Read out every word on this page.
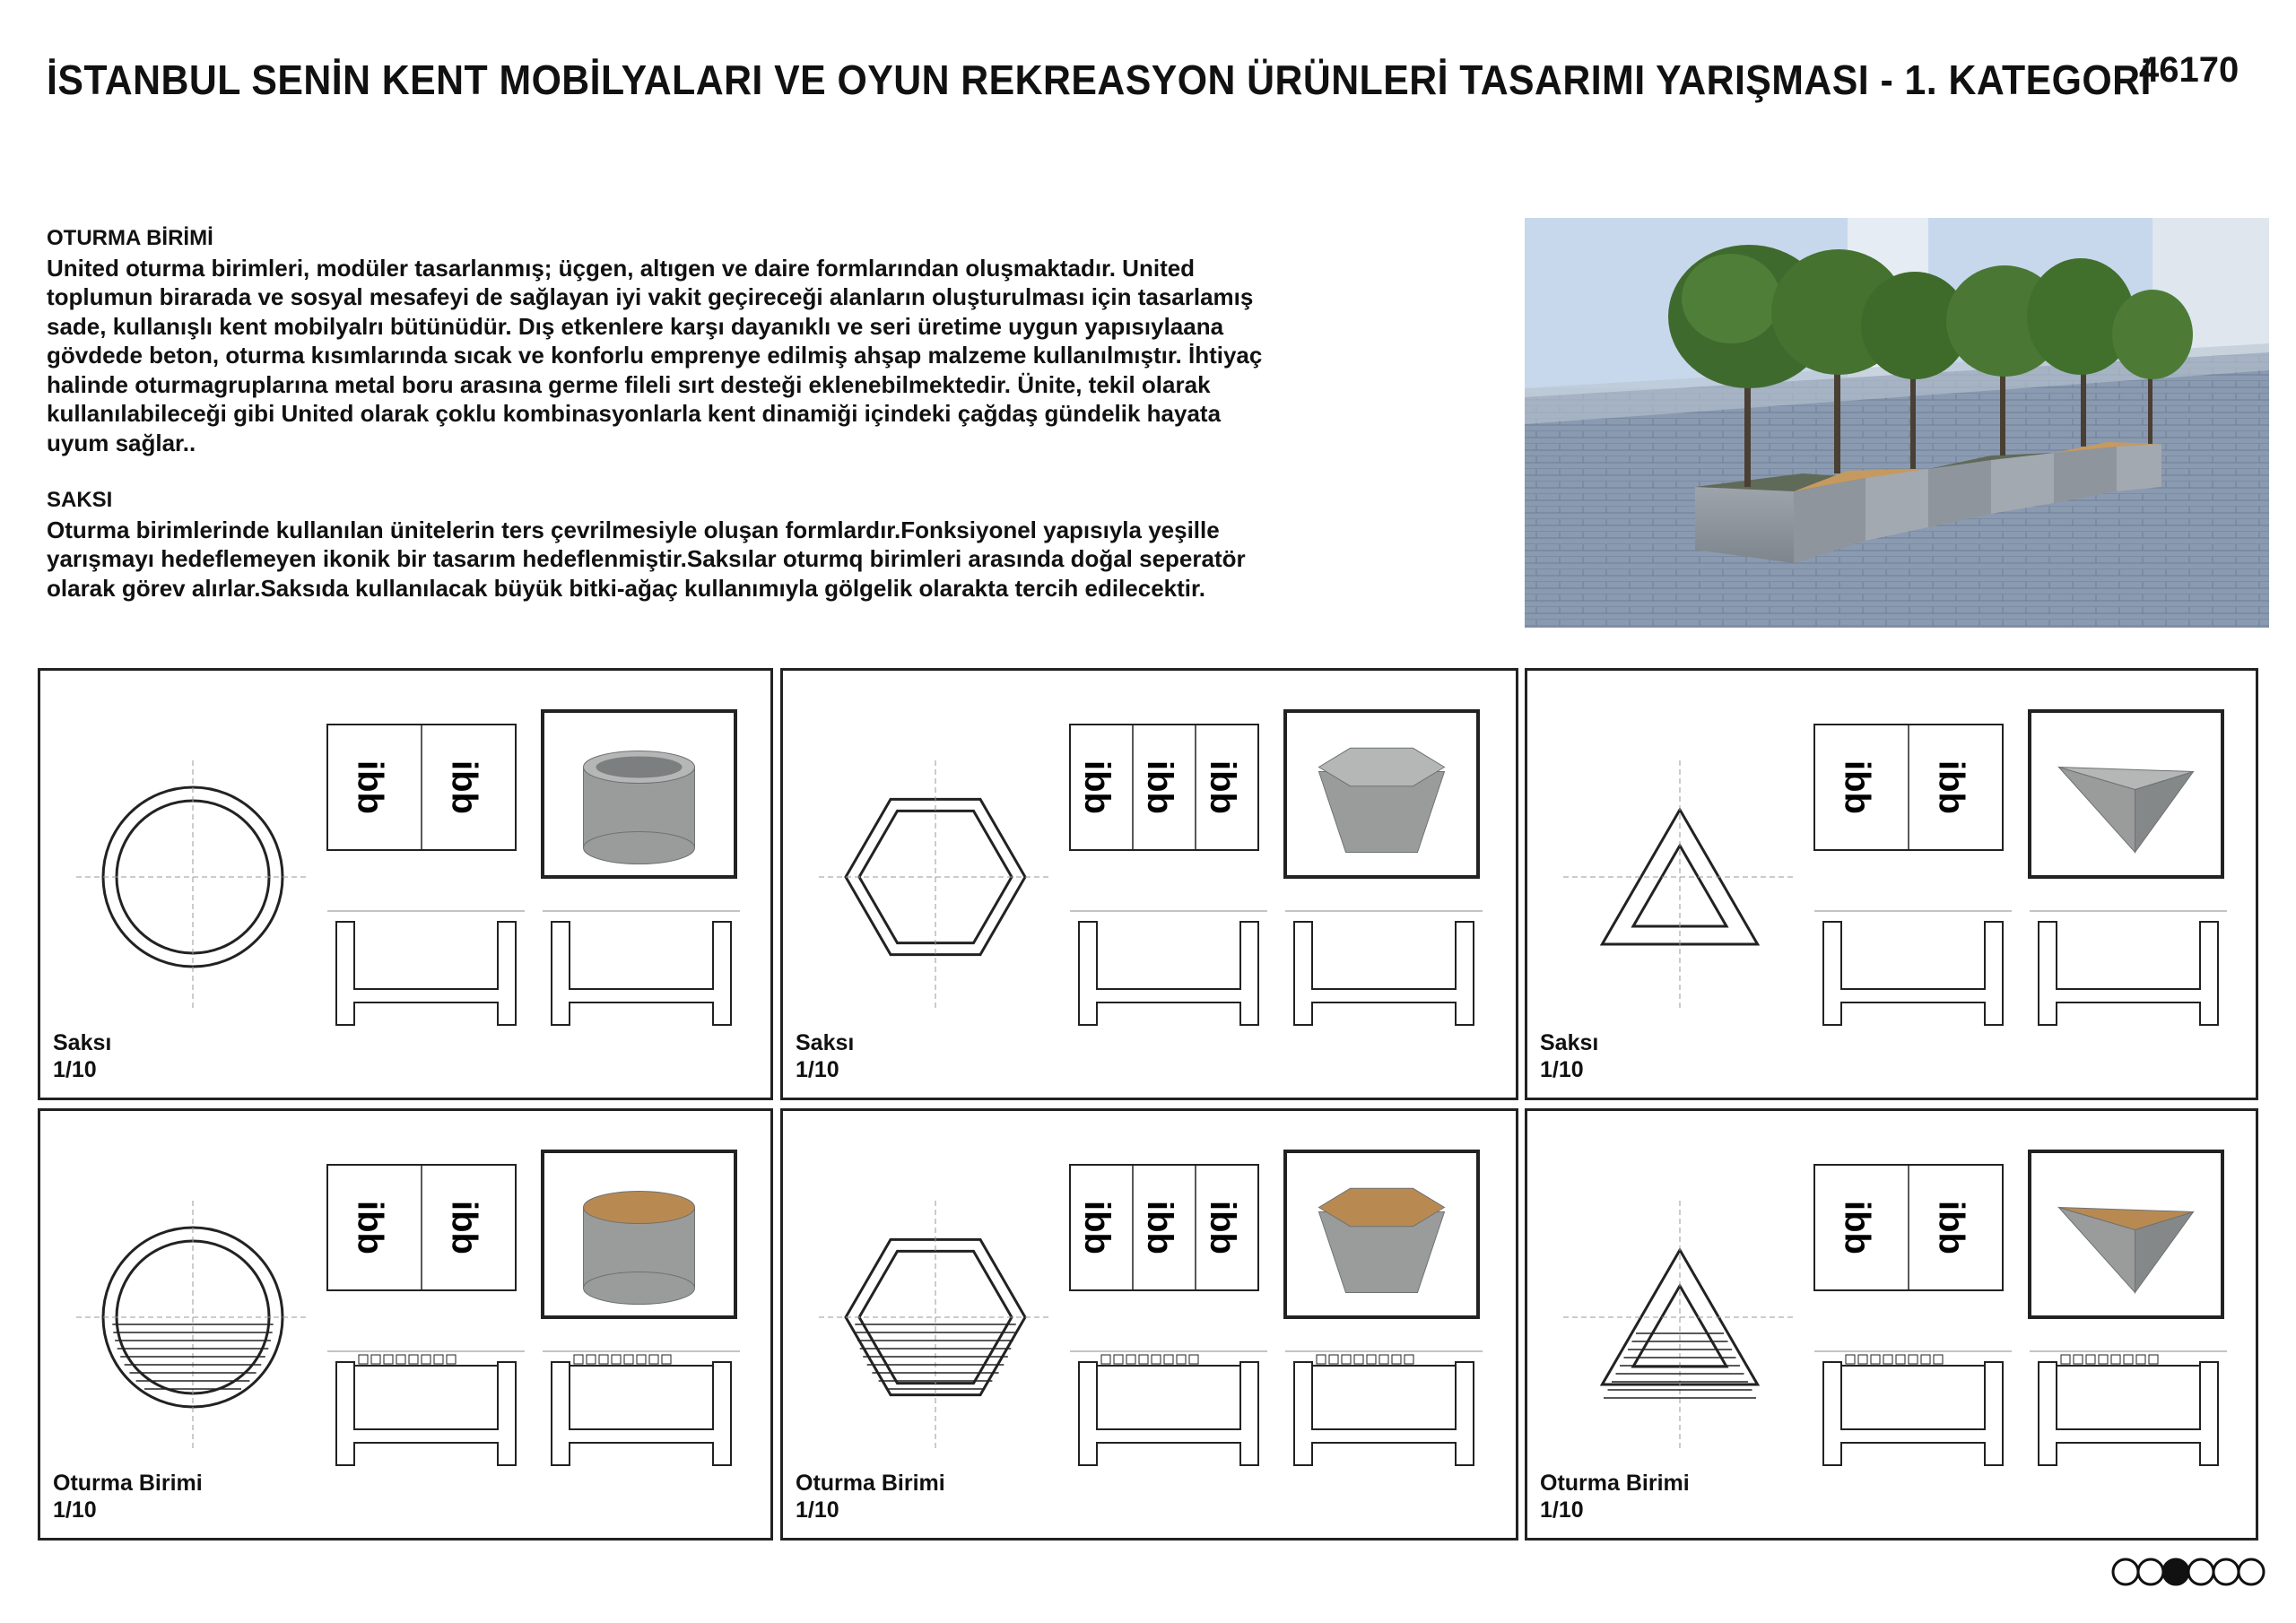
İSTANBUL SENİN KENT MOBİLYALARI VE OYUN REKREASYON ÜRÜNLERİ TASARIMI YARIŞMASI - 1. KATEGORİ
46170

OTURMA BİRİMİ

United oturma birimleri, modüler tasarlanmış; üçgen, altıgen ve daire formlarından oluşmaktadır. United

toplumun birarada ve sosyal mesafeyi de sağlayan iyi vakit geçireceği alanların oluşturulması için tasarlamış

sade, kullanışlı kent mobilyalrı bütünüdür. Dış etkenlere karşı dayanıklı ve seri üretime uygun yapısıylaana

gövdede beton, oturma kısımlarında sıcak ve konforlu emprenye edilmiş ahşap malzeme kullanılmıştır. İhtiyaç

halinde oturmagruplarına metal boru arasına germe fileli sırt desteği eklenebilmektedir. Ünite, tekil olarak

kullanılabileceği gibi United olarak çoklu kombinasyonlarla kent dinamiği içindeki çağdaş gündelik hayata

uyum sağlar..

SAKSI

Oturma birimlerinde kullanılan ünitelerin ters çevrilmesiyle oluşan formlardır.Fonksiyonel yapısıyla yeşille

yarışmayı hedeflemeyen ikonik bir tasarım hedeflenmiştir.Saksılar oturmq birimleri arasında doğal seperatör

olarak görev alırlar.Saksıda kullanılacak büyük bitki-ağaç kullanımıyla gölgelik olarakta tercih edilecektir.

ibb ibb
Saksı
1/10
ibb ibb ibb
Saksı
1/10
ibb ibb
Saksı
1/10
ibb ibb
Oturma Birimi
1/10
ibb ibb ibb
Oturma Birimi
1/10
ibb ibb
Oturma Birimi
1/10
